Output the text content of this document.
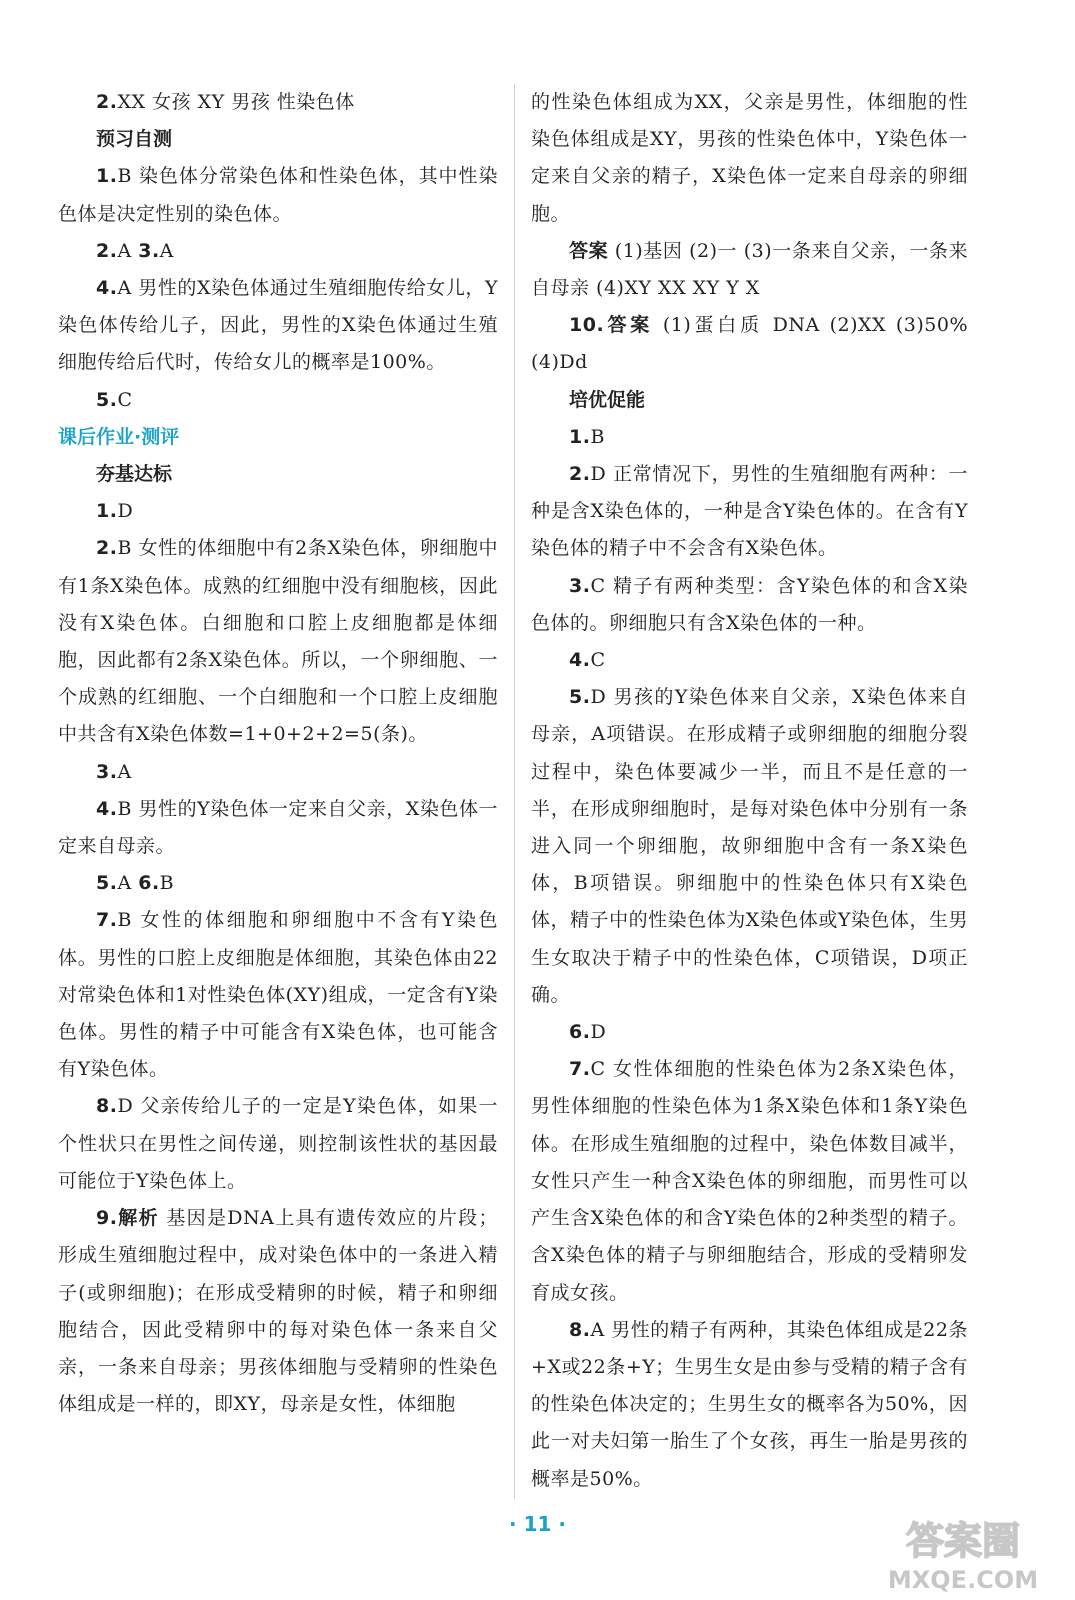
2.XX 女孩 XY 男孩 性染色体

预习自测

1.B 染色体分常染色体和性染色体，其中性染色体是决定性别的染色体。

2.A 3.A

4.A 男性的X染色体通过生殖细胞传给女儿，Y染色体传给儿子，因此，男性的X染色体通过生殖细胞传给后代时，传给女儿的概率是100%。

5.C

课后作业·测评

夯基达标

1.D

2.B 女性的体细胞中有2条X染色体，卵细胞中有1条X染色体。成熟的红细胞中没有细胞核，因此没有X染色体。白细胞和口腔上皮细胞都是体细胞，因此都有2条X染色体。所以，一个卵细胞、一个成熟的红细胞、一个白细胞和一个口腔上皮细胞中共含有X染色体数=1+0+2+2=5(条)。

3.A

4.B 男性的Y染色体一定来自父亲，X染色体一定来自母亲。

5.A 6.B

7.B 女性的体细胞和卵细胞中不含有Y染色体。男性的口腔上皮细胞是体细胞，其染色体由22对常染色体和1对性染色体(XY)组成，一定含有Y染色体。男性的精子中可能含有X染色体，也可能含有Y染色体。

8.D 父亲传给儿子的一定是Y染色体，如果一个性状只在男性之间传递，则控制该性状的基因最可能位于Y染色体上。

9.解析 基因是DNA上具有遗传效应的片段；形成生殖细胞过程中，成对染色体中的一条进入精子(或卵细胞)；在形成受精卵的时候，精子和卵细胞结合，因此受精卵中的每对染色体一条来自父亲，一条来自母亲；男孩体细胞与受精卵的性染色体组成是一样的，即XY，母亲是女性，体细胞

的性染色体组成为XX，父亲是男性，体细胞的性染色体组成是XY，男孩的性染色体中，Y染色体一定来自父亲的精子，X染色体一定来自母亲的卵细胞。

答案 (1)基因 (2)一 (3)一条来自父亲，一条来自母亲 (4)XY XX XY Y X

10.答案 (1)蛋白质 DNA (2)XX (3)50% (4)Dd

培优促能

1.B

2.D 正常情况下，男性的生殖细胞有两种：一种是含X染色体的，一种是含Y染色体的。在含有Y染色体的精子中不会含有X染色体。

3.C 精子有两种类型：含Y染色体的和含X染色体的。卵细胞只有含X染色体的一种。

4.C

5.D 男孩的Y染色体来自父亲，X染色体来自母亲，A项错误。在形成精子或卵细胞的细胞分裂过程中，染色体要减少一半，而且不是任意的一半，在形成卵细胞时，是每对染色体中分别有一条进入同一个卵细胞，故卵细胞中含有一条X染色体，B项错误。卵细胞中的性染色体只有X染色体，精子中的性染色体为X染色体或Y染色体，生男生女取决于精子中的性染色体，C项错误，D项正确。

6.D

7.C 女性体细胞的性染色体为2条X染色体，男性体细胞的性染色体为1条X染色体和1条Y染色体。在形成生殖细胞的过程中，染色体数目减半，女性只产生一种含X染色体的卵细胞，而男性可以产生含X染色体的和含Y染色体的2种类型的精子。含X染色体的精子与卵细胞结合，形成的受精卵发育成女孩。

8.A 男性的精子有两种，其染色体组成是22条+X或22条+Y；生男生女是由参与受精的精子含有的性染色体决定的；生男生女的概率各为50%，因此一对夫妇第一胎生了个女孩，再生一胎是男孩的概率是50%。

· 11 ·	答案圈
MXQE.COM
